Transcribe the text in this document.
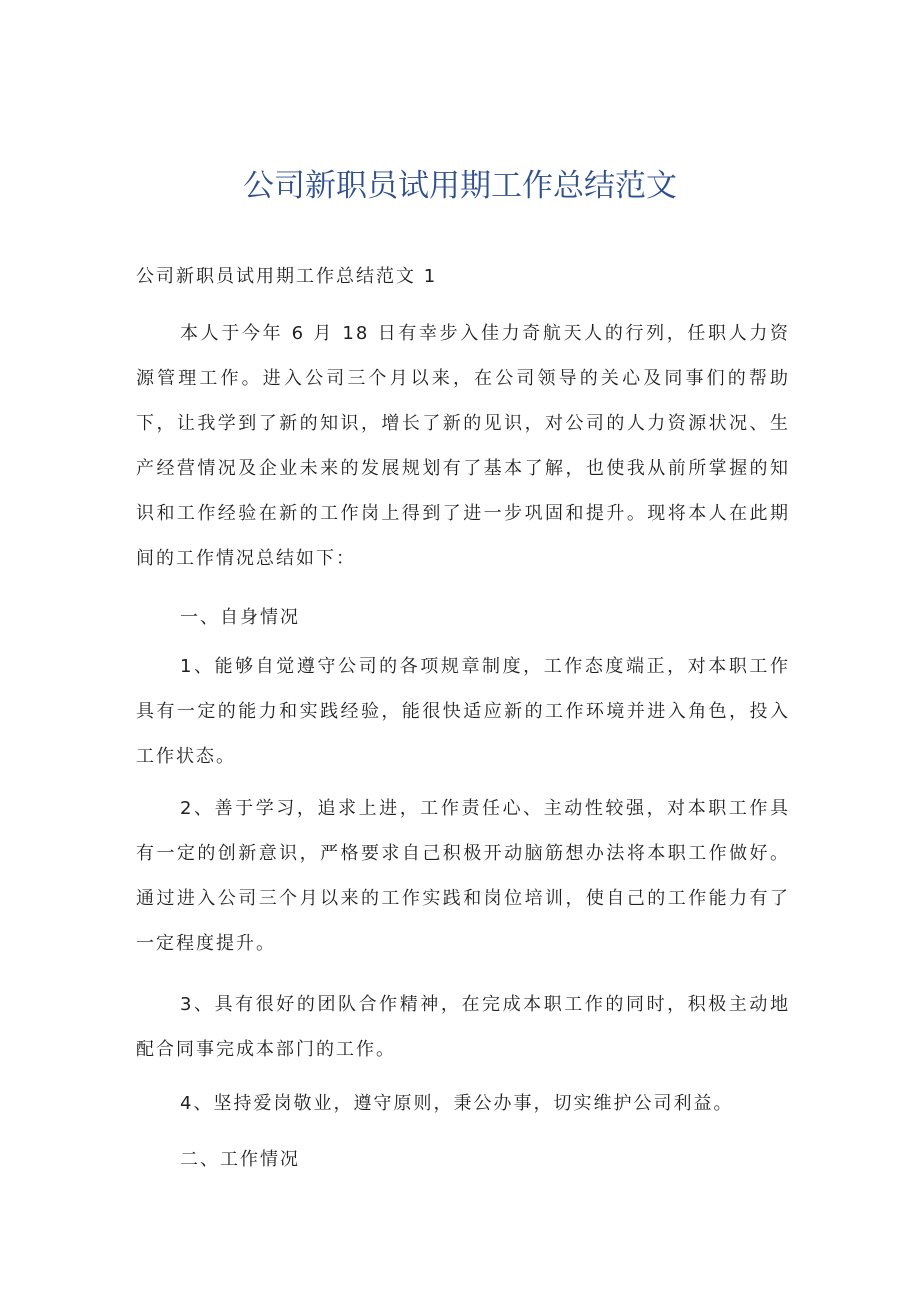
公司新职员试用期工作总结范文
公司新职员试用期工作总结范文 1
本人于今年 6 月 18 日有幸步入佳力奇航天人的行列，任职人力资源管理工作。进入公司三个月以来，在公司领导的关心及同事们的帮助下，让我学到了新的知识，增长了新的见识，对公司的人力资源状况、生产经营情况及企业未来的发展规划有了基本了解，也使我从前所掌握的知识和工作经验在新的工作岗上得到了进一步巩固和提升。现将本人在此期间的工作情况总结如下：
一、自身情况
1、能够自觉遵守公司的各项规章制度，工作态度端正，对本职工作具有一定的能力和实践经验，能很快适应新的工作环境并进入角色，投入工作状态。
2、善于学习，追求上进，工作责任心、主动性较强，对本职工作具有一定的创新意识，严格要求自己积极开动脑筋想办法将本职工作做好。通过进入公司三个月以来的工作实践和岗位培训，使自己的工作能力有了一定程度提升。
3、具有很好的团队合作精神，在完成本职工作的同时，积极主动地配合同事完成本部门的工作。
4、坚持爱岗敬业，遵守原则，秉公办事，切实维护公司利益。
二、工作情况
